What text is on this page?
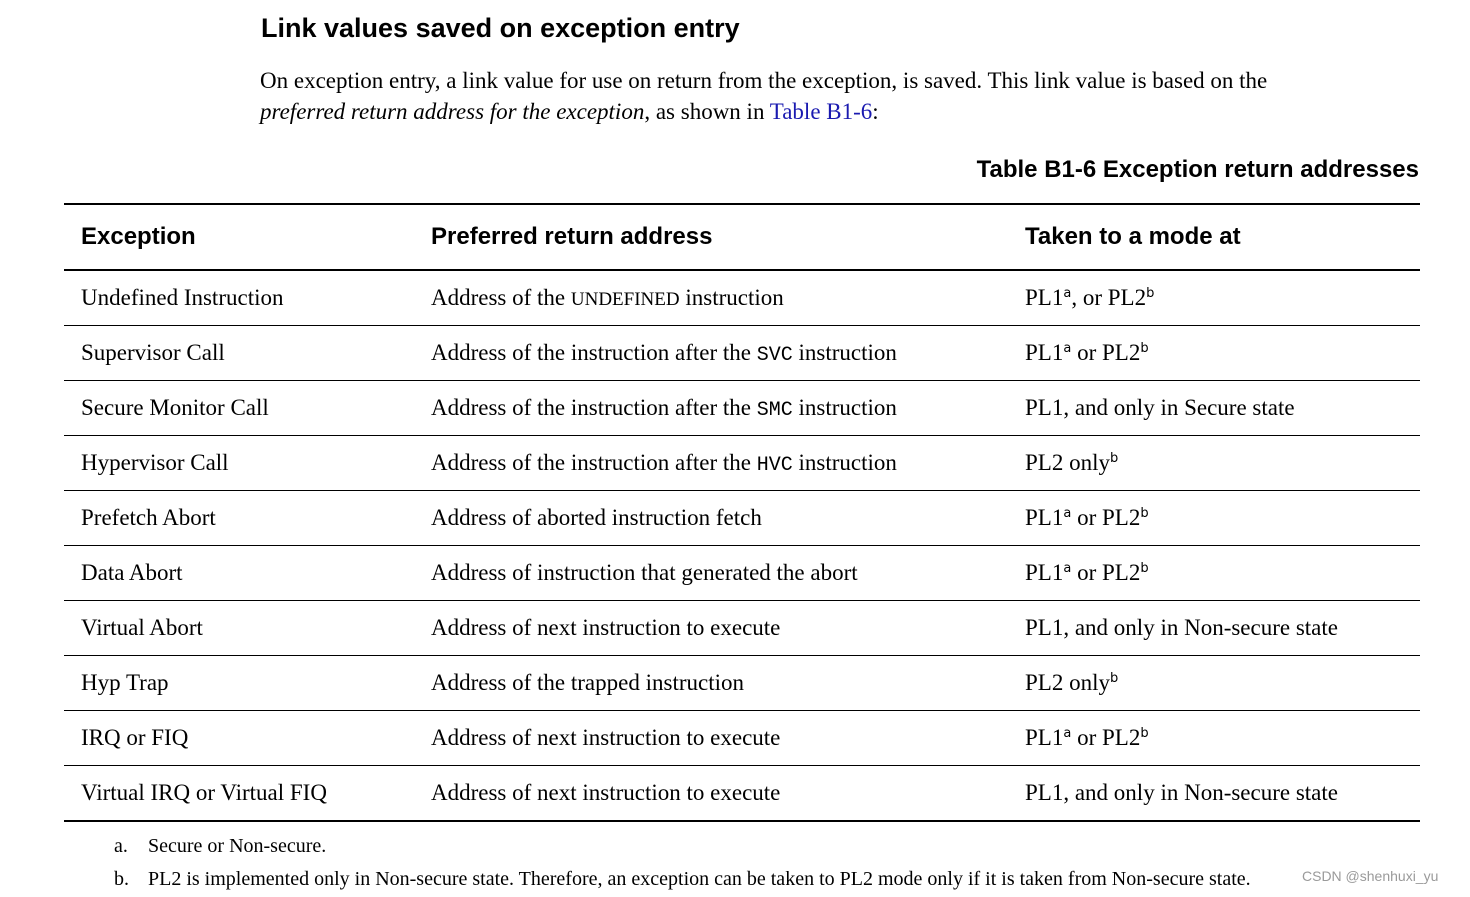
Link values saved on exception entry

On exception entry, a link value for use on return from the exception, is saved. This link value is based on the
preferred return address for the exception, as shown in Table B1-6:

Table B1-6 Exception return addresses
Exception	Preferred return address	Taken to a mode at
Undefined Instruction	Address of the UNDEFINED instruction	PL1$^a$, or PL2$^b$
Supervisor Call	Address of the instruction after the SVC instruction	PL1$^a$ or PL2$^b$
Secure Monitor Call	Address of the instruction after the SMC instruction	PL1, and only in Secure state
Hypervisor Call	Address of the instruction after the HVC instruction	PL2 only$^b$
Prefetch Abort	Address of aborted instruction fetch	PL1$^a$ or PL2$^b$
Data Abort	Address of instruction that generated the abort	PL1$^a$ or PL2$^b$
Virtual Abort	Address of next instruction to execute	PL1, and only in Non-secure state
Hyp Trap	Address of the trapped instruction	PL2 only$^b$
IRQ or FIQ	Address of next instruction to execute	PL1$^a$ or PL2$^b$
Virtual IRQ or Virtual FIQ	Address of next instruction to execute	PL1, and only in Non-secure state
a. Secure or Non-secure.
b. PL2 is implemented only in Non-secure state. Therefore, an exception can be taken to PL2 mode only if it is taken from Non-secure state.	CSDN @shenhuxi_yu
